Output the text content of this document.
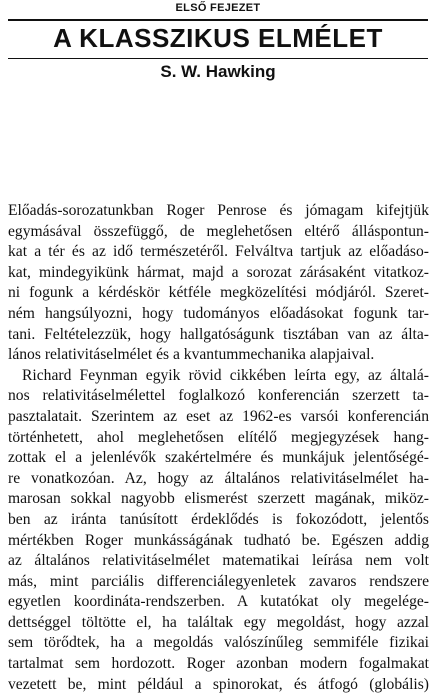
ELSŐ FEJEZET
A KLASSZIKUS ELMÉLET
S. W. Hawking
Előadás-sorozatunkban Roger Penrose és jómagam kifejtjük
egymásával összefüggő, de meglehetősen eltérő álláspontun-
kat a tér és az idő természetéről. Felváltva tartjuk az előadáso-
kat, mindegyikünk hármat, majd a sorozat zárásaként vitatkoz-
ni fogunk a kérdéskör kétféle megközelítési módjáról. Szeret-
ném hangsúlyozni, hogy tudományos előadásokat fogunk tar-
tani. Feltételezzük, hogy hallgatóságunk tisztában van az álta-
lános relativitáselmélet és a kvantummechanika alapjaival.
Richard Feynman egyik rövid cikkében leírta egy, az általá-
nos relativitáselmélettel foglalkozó konferencián szerzett ta-
pasztalatait. Szerintem az eset az 1962-es varsói konferencián
történhetett, ahol meglehetősen elítélő megjegyzések hang-
zottak el a jelenlévők szakértelmére és munkájuk jelentőségé-
re vonatkozóan. Az, hogy az általános relativitáselmélet ha-
marosan sokkal nagyobb elismerést szerzett magának, miköz-
ben az iránta tanúsított érdeklődés is fokozódott, jelentős
mértékben Roger munkásságának tudható be. Egészen addig
az általános relativitáselmélet matematikai leírása nem volt
más, mint parciális differenciálegyenletek zavaros rendszere
egyetlen koordináta-rendszerben. A kutatókat oly megelége-
dettséggel töltötte el, ha találtak egy megoldást, hogy azzal
sem törődtek, ha a megoldás valószínűleg semmiféle fizikai
tartalmat sem hordozott. Roger azonban modern fogalmakat
vezetett be, mint például a spinorokat, és átfogó (globális)
